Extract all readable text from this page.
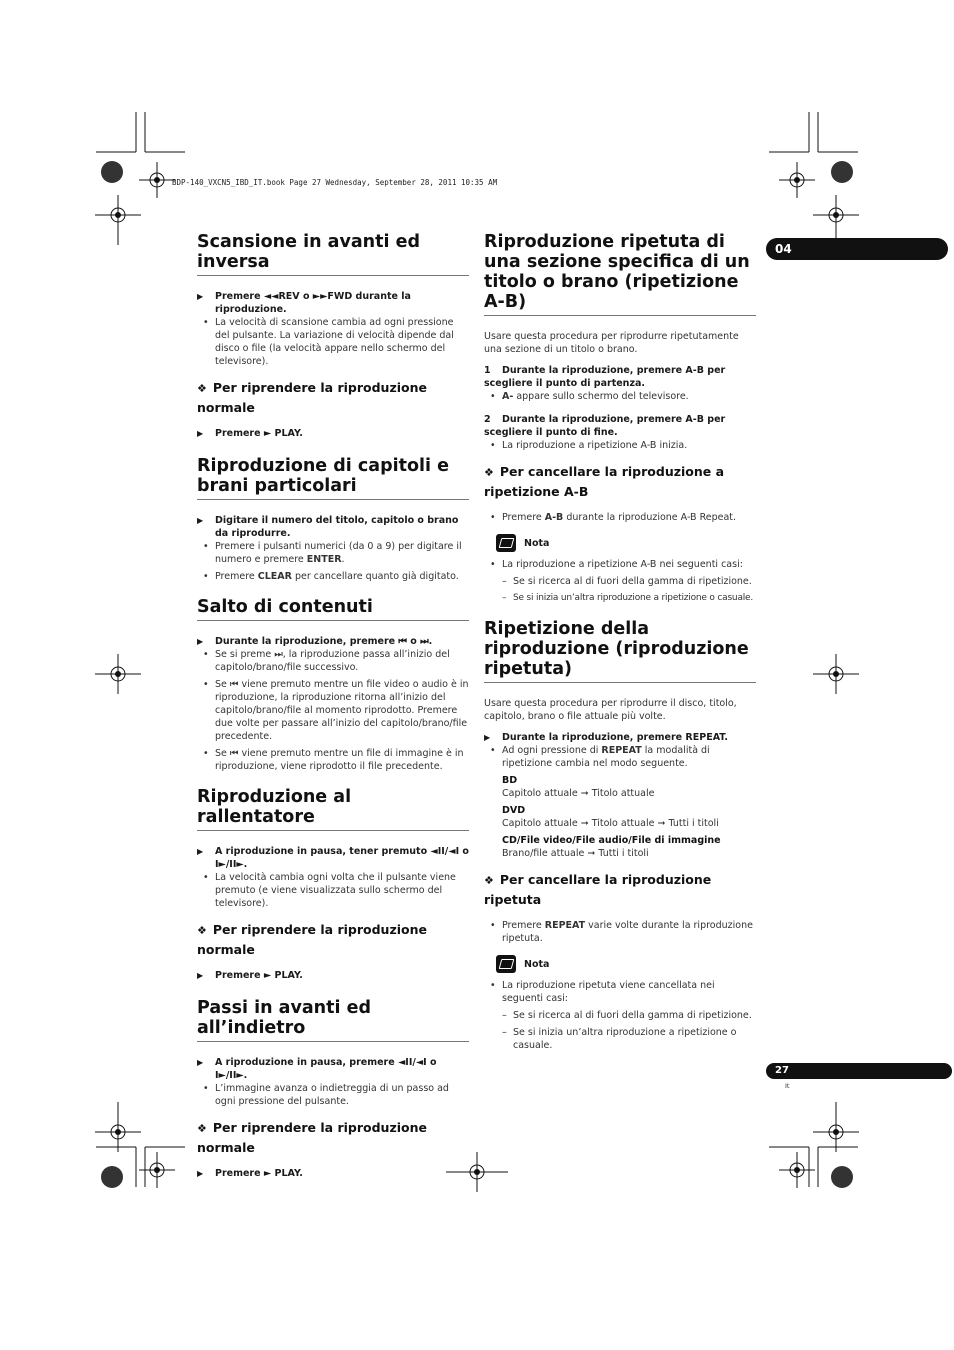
BDP-140_VXCN5_IBD_IT.book Page 27 Wednesday, September 28, 2011 10:35 AM
04
27
It
Scansione in avanti ed inversa
▶ Premere ◄◄REV o ►►FWD durante la riproduzione.
• La velocità di scansione cambia ad ogni pressione del pulsante. La variazione di velocità dipende dal disco o file (la velocità appare nello schermo del televisore).
❖ Per riprendere la riproduzione normale
▶ Premere ► PLAY.
Riproduzione di capitoli e brani particolari
▶ Digitare il numero del titolo, capitolo o brano da riprodurre.
• Premere i pulsanti numerici (da 0 a 9) per digitare il numero e premere ENTER.
• Premere CLEAR per cancellare quanto già digitato.
Salto di contenuti
▶ Durante la riproduzione, premere ⏮ o ⏭.
• Se si preme ⏭, la riproduzione passa all’inizio del capitolo/brano/file successivo.
• Se ⏮ viene premuto mentre un file video o audio è in riproduzione, la riproduzione ritorna all’inizio del capitolo/brano/file al momento riprodotto. Premere due volte per passare all’inizio del capitolo/brano/file precedente.
• Se ⏮ viene premuto mentre un file di immagine è in riproduzione, viene riprodotto il file precedente.
Riproduzione al rallentatore
▶ A riproduzione in pausa, tener premuto ◄II/◄I o I►/II►.
• La velocità cambia ogni volta che il pulsante viene premuto (e viene visualizzata sullo schermo del televisore).
❖ Per riprendere la riproduzione normale
▶ Premere ► PLAY.
Passi in avanti ed all’indietro
▶ A riproduzione in pausa, premere ◄II/◄I o I►/II►.
• L’immagine avanza o indietreggia di un passo ad ogni pressione del pulsante.
❖ Per riprendere la riproduzione normale
▶ Premere ► PLAY.
Riproduzione ripetuta di una sezione specifica di un titolo o brano (ripetizione A-B)

Usare questa procedura per riprodurre ripetutamente una sezione di un titolo o brano.

1 Durante la riproduzione, premere A-B per scegliere il punto di partenza.
• A- appare sullo schermo del televisore.
2 Durante la riproduzione, premere A-B per scegliere il punto di fine.
• La riproduzione a ripetizione A-B inizia.
❖ Per cancellare la riproduzione a ripetizione A-B
• Premere A-B durante la riproduzione A-B Repeat.
Nota
• La riproduzione a ripetizione A-B nei seguenti casi:
– Se si ricerca al di fuori della gamma di ripetizione.
– Se si inizia un’altra riproduzione a ripetizione o casuale.
Ripetizione della riproduzione (riproduzione ripetuta)

Usare questa procedura per riprodurre il disco, titolo, capitolo, brano o file attuale più volte.

▶ Durante la riproduzione, premere REPEAT.
• Ad ogni pressione di REPEAT la modalità di ripetizione cambia nel modo seguente.
BD
Capitolo attuale ➞ Titolo attuale
DVD
Capitolo attuale ➞ Titolo attuale ➞ Tutti i titoli
CD/File video/File audio/File di immagine
Brano/file attuale ➞ Tutti i titoli
❖ Per cancellare la riproduzione ripetuta
• Premere REPEAT varie volte durante la riproduzione ripetuta.
Nota
• La riproduzione ripetuta viene cancellata nei seguenti casi:
– Se si ricerca al di fuori della gamma di ripetizione.
– Se si inizia un’altra riproduzione a ripetizione o casuale.
